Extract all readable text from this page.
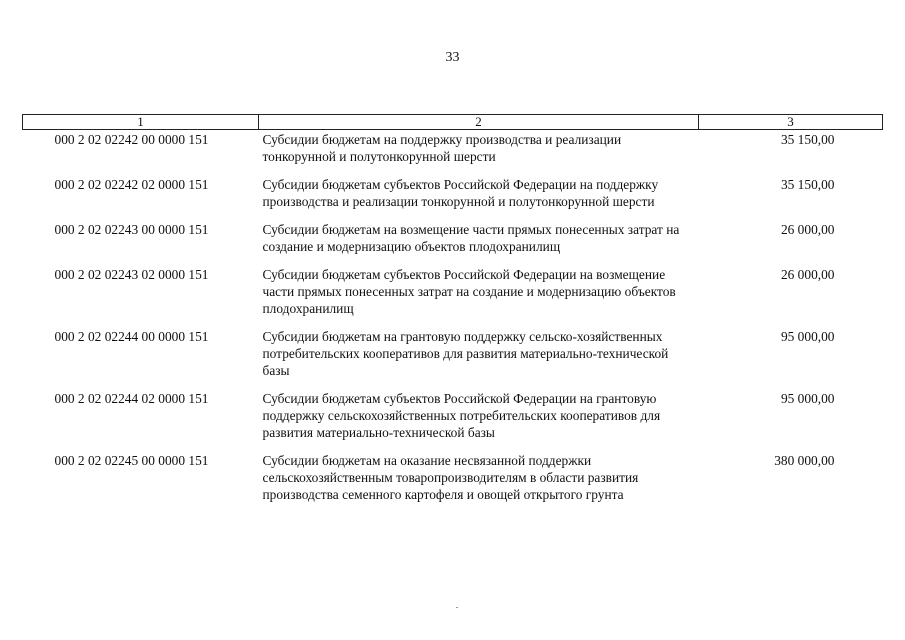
33
1	2	3
000 2 02 02242 00 0000 151	Субсидии бюджетам на поддержку производства и реализации тонкорунной и полутонкорунной шерсти	35 150,00
000 2 02 02242 02 0000 151	Субсидии бюджетам субъектов Российской Федерации на поддержку производства и реализации тонкорунной и полутонкорунной шерсти	35 150,00
000 2 02 02243 00 0000 151	Субсидии бюджетам на возмещение части прямых понесенных затрат на создание и модернизацию объектов плодохранилищ	26 000,00
000 2 02 02243 02 0000 151	Субсидии бюджетам субъектов Российской Федерации на возмещение части прямых понесенных затрат на создание и модернизацию объектов плодохранилищ	26 000,00
000 2 02 02244 00 0000 151	Субсидии бюджетам на грантовую поддержку сельско-хозяйственных потребительских кооперативов для развития материально-технической базы	95 000,00
000 2 02 02244 02 0000 151	Субсидии бюджетам субъектов Российской Федерации на грантовую поддержку сельскохозяйственных потребительских кооперативов для развития материально-технической базы	95 000,00
000 2 02 02245 00 0000 151	Субсидии бюджетам на оказание несвязанной поддержки сельскохозяйственным товаропроизводителям в области развития производства семенного картофеля и овощей открытого грунта	380 000,00
